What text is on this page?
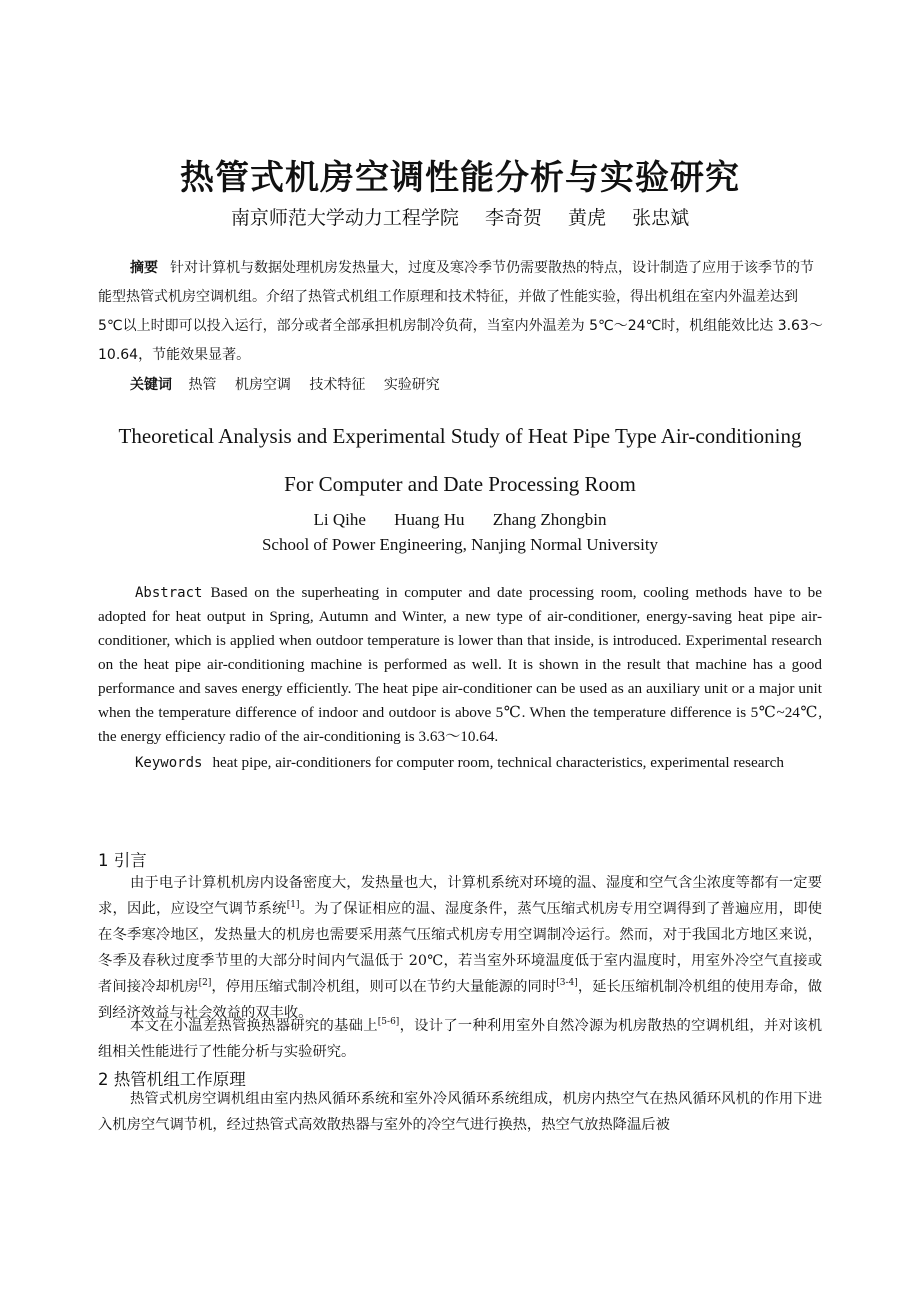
热管式机房空调性能分析与实验研究
南京师范大学动力工程学院 李奇贺 黄虎 张忠斌
摘要 针对计算机与数据处理机房发热量大，过度及寒冷季节仍需要散热的特点，设计制造了应用于该季节的节能型热管式机房空调机组。介绍了热管式机组工作原理和技术特征，并做了性能实验，得出机组在室内外温差达到 5℃以上时即可以投入运行，部分或者全部承担机房制冷负荷，当室内外温差为 5℃～24℃时，机组能效比达 3.63～10.64，节能效果显著。
关键词 热管 机房空调 技术特征 实验研究
Theoretical Analysis and Experimental Study of Heat Pipe Type Air-conditioning
For Computer and Date Processing Room
Li Qihe Huang Hu Zhang Zhongbin
School of Power Engineering, Nanjing Normal University
Abstract Based on the superheating in computer and date processing room, cooling methods have to be adopted for heat output in Spring, Autumn and Winter, a new type of air-conditioner, energy-saving heat pipe air-conditioner, which is applied when outdoor temperature is lower than that inside, is introduced. Experimental research on the heat pipe air-conditioning machine is performed as well. It is shown in the result that machine has a good performance and saves energy efficiently. The heat pipe air-conditioner can be used as an auxiliary unit or a major unit when the temperature difference of indoor and outdoor is above 5℃. When the temperature difference is 5℃~24℃, the energy efficiency radio of the air-conditioning is 3.63～10.64.
Keywords heat pipe, air-conditioners for computer room, technical characteristics, experimental research
1 引言
由于电子计算机机房内设备密度大，发热量也大，计算机系统对环境的温、湿度和空气含尘浓度等都有一定要求，因此，应设空气调节系统[1]。为了保证相应的温、湿度条件，蒸气压缩式机房专用空调得到了普遍应用，即使在冬季寒冷地区，发热量大的机房也需要采用蒸气压缩式机房专用空调制冷运行。然而，对于我国北方地区来说，冬季及春秋过度季节里的大部分时间内气温低于 20℃，若当室外环境温度低于室内温度时，用室外冷空气直接或者间接冷却机房[2]，停用压缩式制冷机组，则可以在节约大量能源的同时[3-4]，延长压缩机制冷机组的使用寿命，做到经济效益与社会效益的双丰收。
本文在小温差热管换热器研究的基础上[5-6]，设计了一种利用室外自然冷源为机房散热的空调机组，并对该机组相关性能进行了性能分析与实验研究。
2 热管机组工作原理
热管式机房空调机组由室内热风循环系统和室外冷风循环系统组成，机房内热空气在热风循环风机的作用下进入机房空气调节机，经过热管式高效散热器与室外的冷空气进行换热，热空气放热降温后被
